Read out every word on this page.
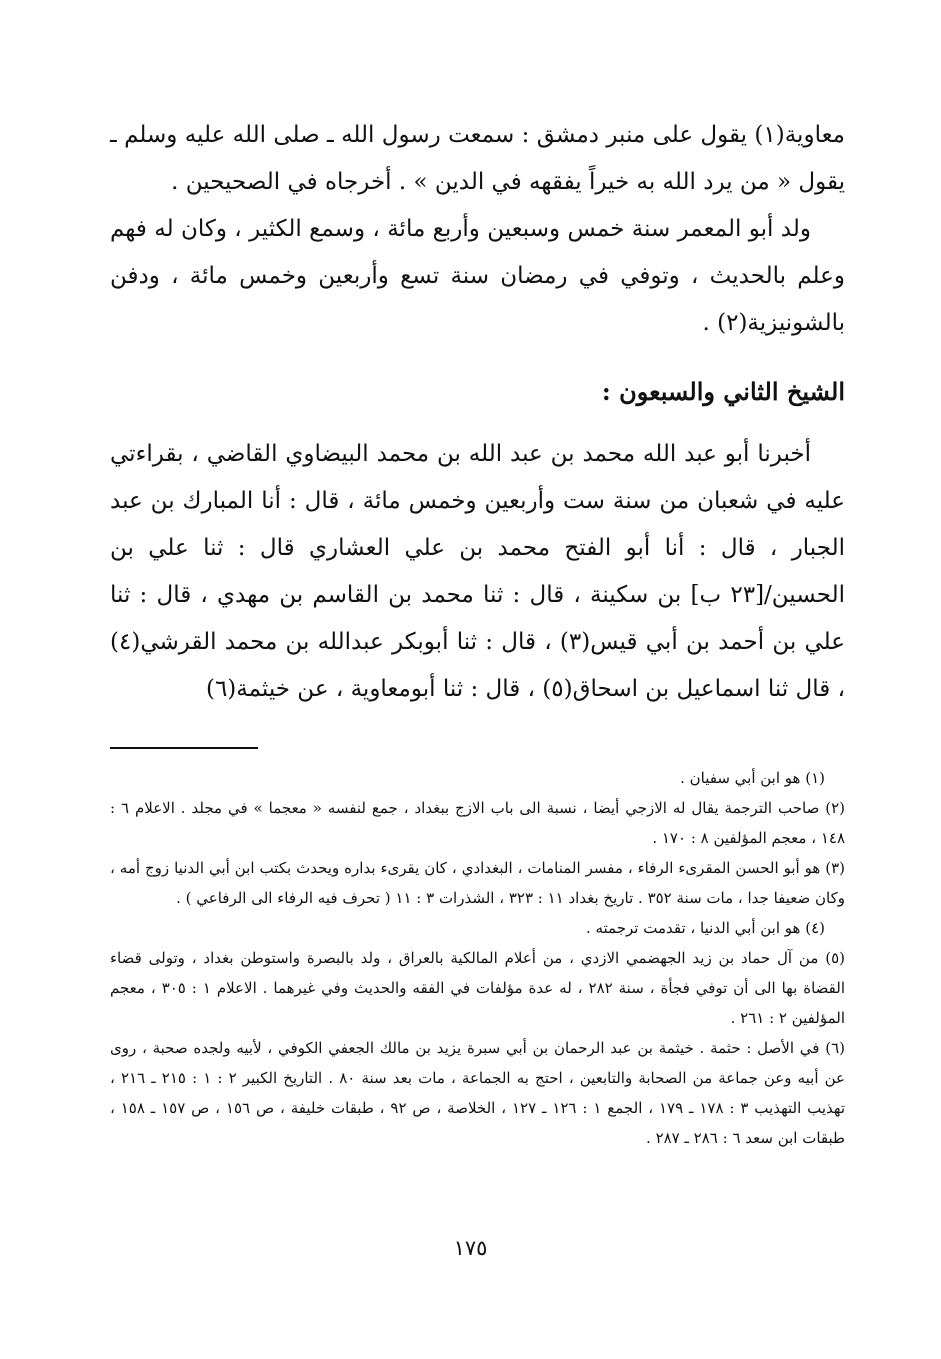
معاوية(١) يقول على منبر دمشق : سمعت رسول الله ـ صلى الله عليه وسلم ـ يقول « من يرد الله به خيراً يفقهه في الدين » . أخرجاه في الصحيحين .

ولد أبو المعمر سنة خمس وسبعين وأربع مائة ، وسمع الكثير ، وكان له فهم وعلم بالحديث ، وتوفي في رمضان سنة تسع وأربعين وخمس مائة ، ودفن بالشونيزية(٢) .

الشيخ الثاني والسبعون :

أخبرنا أبو عبد الله محمد بن عبد الله بن محمد البيضاوي القاضي ، بقراءتي عليه في شعبان من سنة ست وأربعين وخمس مائة ، قال : أنا المبارك بن عبد الجبار ، قال : أنا أبو الفتح محمد بن علي العشاري قال : ثنا علي بن الحسين/[٢٣ ب] بن سكينة ، قال : ثنا محمد بن القاسم بن مهدي ، قال : ثنا علي بن أحمد بن أبي قيس(٣) ، قال : ثنا أبوبكر عبدالله بن محمد القرشي(٤) ، قال ثنا اسماعيل بن اسحاق(٥) ، قال : ثنا أبومعاوية ، عن خيثمة(٦)

(١) هو ابن أبي سفيان .

(٢) صاحب الترجمة يقال له الازجي أيضا ، نسبة الى باب الازج ببغداد ، جمع لنفسه « معجما » في مجلد . الاعلام ٦ : ١٤٨ ، معجم المؤلفين ٨ : ١٧٠ .

(٣) هو أبو الحسن المقرىء الرفاء ، مفسر المنامات ، البغدادي ، كان يقرىء بداره ويحدث بكتب ابن أبي الدنيا زوج أمه ، وكان ضعيفا جدا ، مات سنة ٣٥٢ . تاريخ بغداد ١١ : ٣٢٣ ، الشذرات ٣ : ١١ ( تحرف فيه الرفاء الى الرفاعي ) .

(٤) هو ابن أبي الدنيا ، تقدمت ترجمته .

(٥) من آل حماد بن زيد الجهضمي الازدي ، من أعلام المالكية بالعراق ، ولد بالبصرة واستوطن بغداد ، وتولى قضاء القضاة بها الى أن توفي فجأة ، سنة ٢٨٢ ، له عدة مؤلفات في الفقه والحديث وفي غيرهما . الاعلام ١ : ٣٠٥ ، معجم المؤلفين ٢ : ٢٦١ .

(٦) في الأصل : حثمة . خيثمة بن عبد الرحمان بن أبي سبرة يزيد بن مالك الجعفي الكوفي ، لأبيه ولجده صحبة ، روى عن أبيه وعن جماعة من الصحابة والتابعين ، احتج به الجماعة ، مات بعد سنة ٨٠ . التاريخ الكبير ٢ : ١ : ٢١٥ ـ ٢١٦ ، تهذيب التهذيب ٣ : ١٧٨ ـ ١٧٩ ، الجمع ١ : ١٢٦ ـ ١٢٧ ، الخلاصة ، ص ٩٢ ، طبقات خليفة ، ص ١٥٦ ، ص ١٥٧ ـ ١٥٨ ، طبقات ابن سعد ٦ : ٢٨٦ ـ ٢٨٧ .

١٧٥
